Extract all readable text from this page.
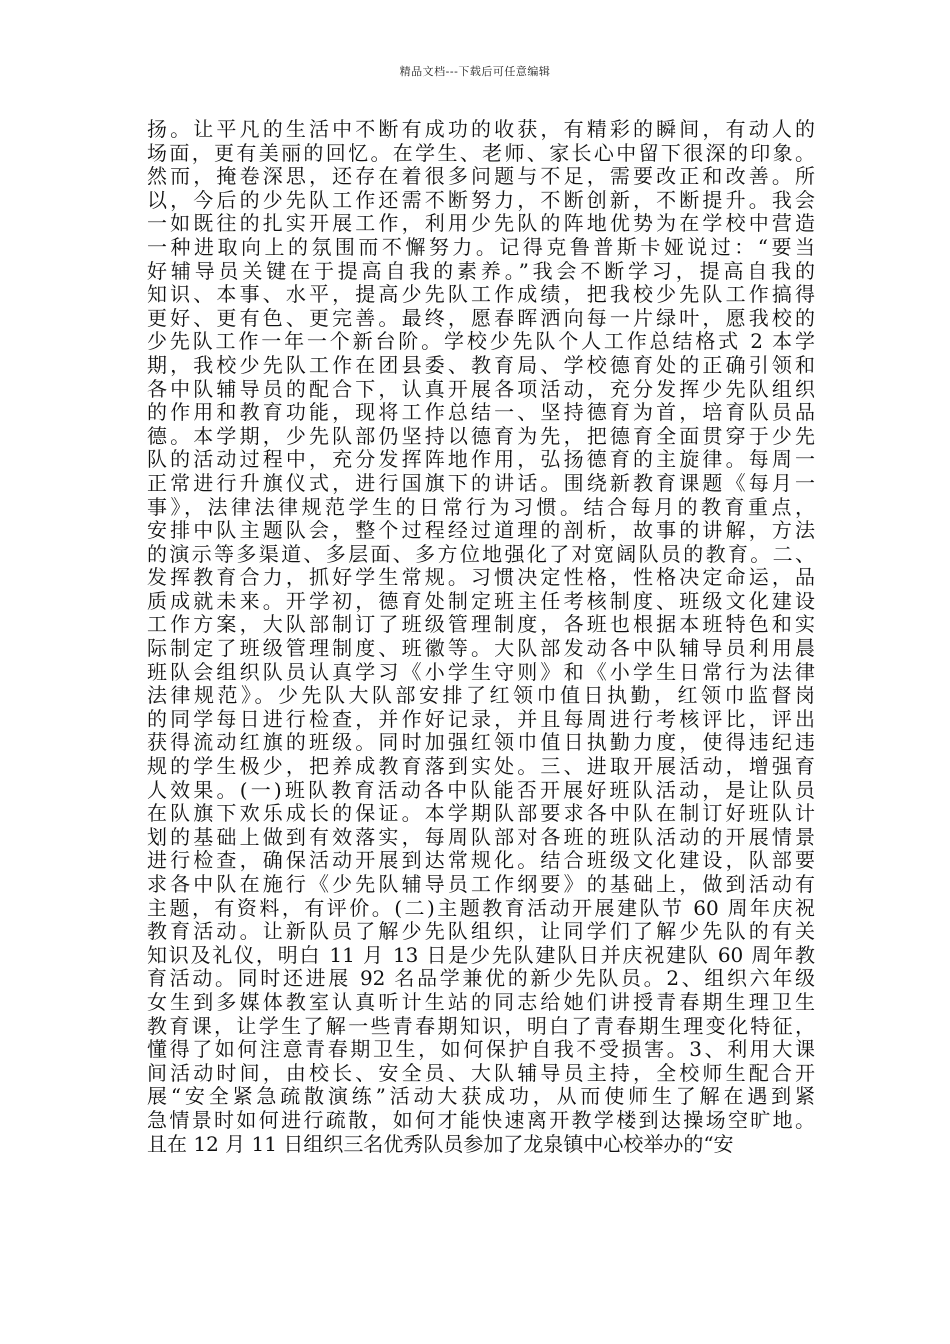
精品文档---下载后可任意编辑
扬。让平凡的生活中不断有成功的收获，有精彩的瞬间，有动人的
场面，更有美丽的回忆。在学生、老师、家长心中留下很深的印象。
然而，掩卷深思，还存在着很多问题与不足，需要改正和改善。所
以，今后的少先队工作还需不断努力，不断创新，不断提升。我会
一如既往的扎实开展工作，利用少先队的阵地优势为在学校中营造
一种进取向上的氛围而不懈努力。记得克鲁普斯卡娅说过：“要当
好辅导员关键在于提高自我的素养。”我会不断学习，提高自我的
知识、本事、水平，提高少先队工作成绩，把我校少先队工作搞得
更好、更有色、更完善。最终，愿春晖洒向每一片绿叶，愿我校的
少先队工作一年一个新台阶。学校少先队个人工作总结格式 2 本学
期，我校少先队工作在团县委、教育局、学校德育处的正确引领和
各中队辅导员的配合下，认真开展各项活动，充分发挥少先队组织
的作用和教育功能，现将工作总结一、坚持德育为首，培育队员品
德。本学期，少先队部仍坚持以德育为先，把德育全面贯穿于少先
队的活动过程中，充分发挥阵地作用，弘扬德育的主旋律。每周一
正常进行升旗仪式，进行国旗下的讲话。围绕新教育课题《每月一
事》，法律法律规范学生的日常行为习惯。结合每月的教育重点，
安排中队主题队会，整个过程经过道理的剖析，故事的讲解，方法
的演示等多渠道、多层面、多方位地强化了对宽阔队员的教育。二、
发挥教育合力，抓好学生常规。习惯决定性格，性格决定命运，品
质成就未来。开学初，德育处制定班主任考核制度、班级文化建设
工作方案，大队部制订了班级管理制度，各班也根据本班特色和实
际制定了班级管理制度、班徽等。大队部发动各中队辅导员利用晨
班队会组织队员认真学习《小学生守则》和《小学生日常行为法律
法律规范》。少先队大队部安排了红领巾值日执勤，红领巾监督岗
的同学每日进行检查，并作好记录，并且每周进行考核评比，评出
获得流动红旗的班级。同时加强红领巾值日执勤力度，使得违纪违
规的学生极少，把养成教育落到实处。三、进取开展活动，增强育
人效果。(一)班队教育活动各中队能否开展好班队活动，是让队员
在队旗下欢乐成长的保证。本学期队部要求各中队在制订好班队计
划的基础上做到有效落实，每周队部对各班的班队活动的开展情景
进行检查，确保活动开展到达常规化。结合班级文化建设，队部要
求各中队在施行《少先队辅导员工作纲要》的基础上，做到活动有
主题，有资料，有评价。(二)主题教育活动开展建队节 60 周年庆祝
教育活动。让新队员了解少先队组织，让同学们了解少先队的有关
知识及礼仪，明白 11 月 13 日是少先队建队日并庆祝建队 60 周年教
育活动。同时还进展 92 名品学兼优的新少先队员。2、组织六年级
女生到多媒体教室认真听计生站的同志给她们讲授青春期生理卫生
教育课，让学生了解一些青春期知识，明白了青春期生理变化特征，
懂得了如何注意青春期卫生，如何保护自我不受损害。3、利用大课
间活动时间，由校长、安全员、大队辅导员主持，全校师生配合开
展“安全紧急疏散演练”活动大获成功，从而使师生了解在遇到紧
急情景时如何进行疏散，如何才能快速离开教学楼到达操场空旷地。
且在 12 月 11 日组织三名优秀队员参加了龙泉镇中心校举办的“安
